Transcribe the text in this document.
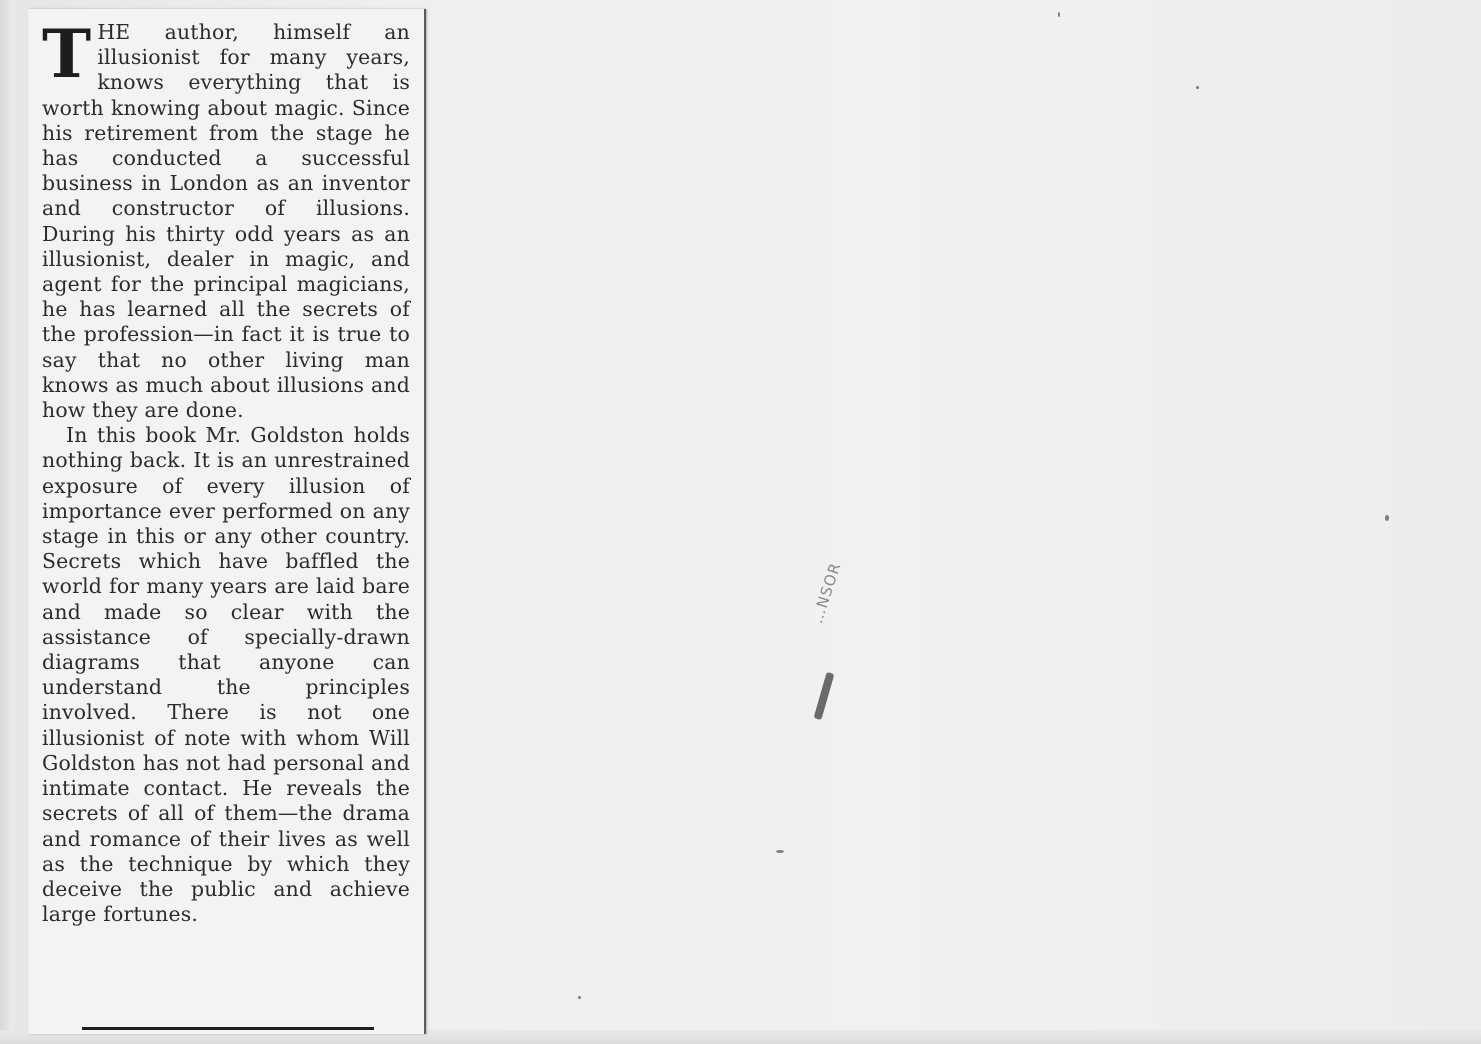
THE author, himself an illusionist for many years, knows everything that is worth knowing about magic. Since his retirement from the stage he has conducted a successful business in London as an inventor and constructor of illusions. During his thirty odd years as an illusionist, dealer in magic, and agent for the principal magicians, he has learned all the secrets of the profession—in fact it is true to say that no other living man knows as much about illusions and how they are done.

In this book Mr. Goldston holds nothing back. It is an unrestrained exposure of every illusion of importance ever performed on any stage in this or any other country. Secrets which have baffled the world for many years are laid bare and made so clear with the assistance of specially-drawn diagrams that anyone can understand the principles involved. There is not one illusionist of note with whom Will Goldston has not had personal and intimate contact. He reveals the secrets of all of them—the drama and romance of their lives as well as the technique by which they deceive the public and achieve large fortunes.

…NSOR
